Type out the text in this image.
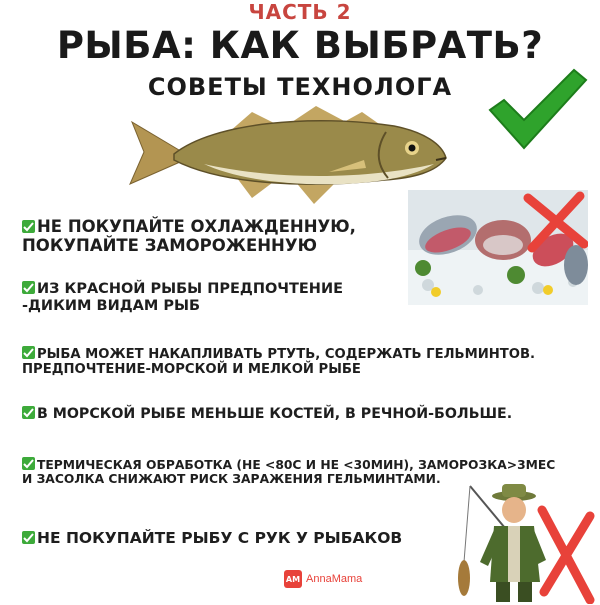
ЧАСТЬ 2
РЫБА: КАК ВЫБРАТЬ?
СОВЕТЫ ТЕХНОЛОГА
НЕ ПОКУПАЙТЕ ОХЛАЖДЕННУЮ,
ПОКУПАЙТЕ ЗАМОРОЖЕННУЮ
ИЗ КРАСНОЙ РЫБЫ ПРЕДПОЧТЕНИЕ
-ДИКИМ ВИДАМ РЫБ
РЫБА МОЖЕТ НАКАПЛИВАТЬ РТУТЬ, СОДЕРЖАТЬ ГЕЛЬМИНТОВ.
ПРЕДПОЧТЕНИЕ-МОРСКОЙ И МЕЛКОЙ РЫБЕ
В МОРСКОЙ РЫБЕ МЕНЬШЕ КОСТЕЙ, В РЕЧНОЙ-БОЛЬШЕ.
ТЕРМИЧЕСКАЯ ОБРАБОТКА (НЕ <80С И НЕ <30МИН), ЗАМОРОЗКА>3МЕС
И ЗАСОЛКА СНИЖАЮТ РИСК ЗАРАЖЕНИЯ ГЕЛЬМИНТАМИ.
НЕ ПОКУПАЙТЕ РЫБУ С РУК У РЫБАКОВ
AM AnnaMama
